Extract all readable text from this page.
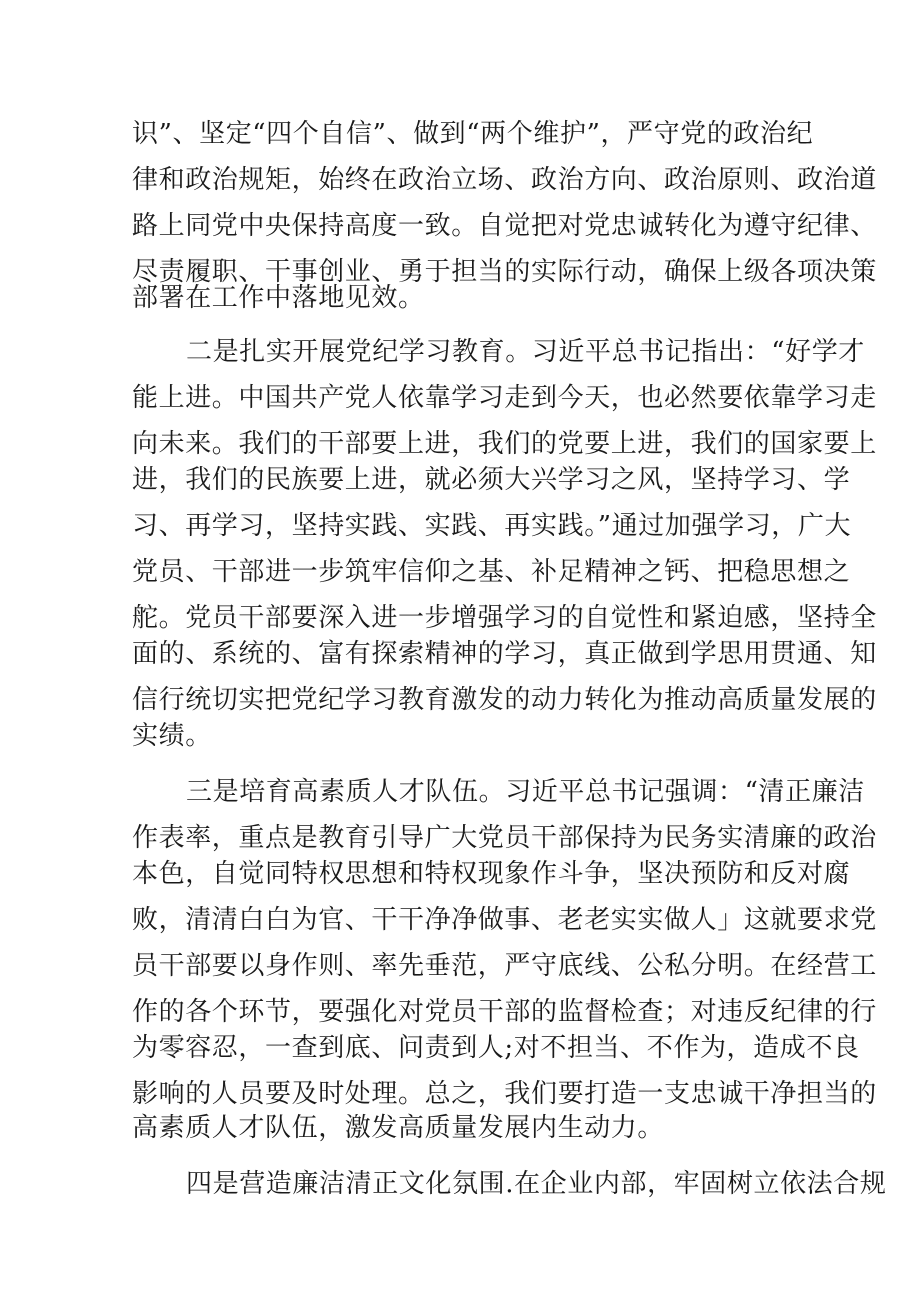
识”、坚定“四个自信”、做到“两个维护”，严守党的政治纪
律和政治规矩，始终在政治立场、政治方向、政治原则、政治道
路上同党中央保持高度一致。自觉把对党忠诚转化为遵守纪律、
尽责履职、干事创业、勇于担当的实际行动，确保上级各项决策
部署在工作中落地见效。
二是扎实开展党纪学习教育。习近平总书记指出：“好学才
能上进。中国共产党人依靠学习走到今天，也必然要依靠学习走
向未来。我们的干部要上进，我们的党要上进，我们的国家要上
进，我们的民族要上进，就必须大兴学习之风，坚持学习、学
习、再学习，坚持实践、实践、再实践。”通过加强学习，广大
党员、干部进一步筑牢信仰之基、补足精神之钙、把稳思想之
舵。党员干部要深入进一步增强学习的自觉性和紧迫感，坚持全
面的、系统的、富有探索精神的学习，真正做到学思用贯通、知
信行统切实把党纪学习教育激发的动力转化为推动高质量发展的
实绩。
三是培育高素质人才队伍。习近平总书记强调：“清正廉洁
作表率，重点是教育引导广大党员干部保持为民务实清廉的政治
本色，自觉同特权思想和特权现象作斗争，坚决预防和反对腐
败，清清白白为官、干干净净做事、老老实实做人」这就要求党
员干部要以身作则、率先垂范，严守底线、公私分明。在经营工
作的各个环节，要强化对党员干部的监督检查；对违反纪律的行
为零容忍，一查到底、问责到人;对不担当、不作为，造成不良
影响的人员要及时处理。总之，我们要打造一支忠诚干净担当的
高素质人才队伍，激发高质量发展内生动力。
四是营造廉洁清正文化氛围.在企业内部，牢固树立依法合规
